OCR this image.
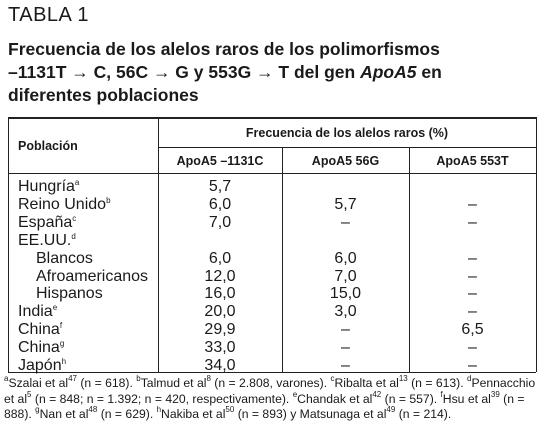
TABLA 1
Frecuencia de los alelos raros de los polimorfismos
–1131T → C, 56C → G y 553G → T del gen ApoA5 en
diferentes poblaciones
Población
Frecuencia de los alelos raros (%)
ApoA5 –1131C	ApoA5 56G	ApoA5 553T
Hungría$^a$	5,7
Reino Unido$^b$	6,0	5,7	–
España$^c$	7,0	–	–
EE.UU.$^d$
Blancos	6,0	6,0	–
Afroamericanos	12,0	7,0	–
Hispanos	16,0	15,0	–
India$^e$	20,0	3,0	–
China$^f$	29,9	–	6,5
China$^g$	33,0	–	–
Japón$^h$	34,0	–	–
$^a$Szalai et $al^{47}$ (n = 618). $^b$Talmud et $al^8$ (n = 2.808, varones). $^c$Ribalta et $al^{13}$ (n = 613). $^d$Pennacchio et $al^5$ (n = 848; n = 1.392; n = 420, respectivamente). $^e$Chandak et $al^{42}$ (n = 557). $^f$Hsu et $al^{39}$ (n = 888). $^g$Nan et $al^{48}$ (n = 629). $^h$Nakiba et $al^{50}$ (n = 893) y Matsunaga et $al^{49}$ (n = 214).
